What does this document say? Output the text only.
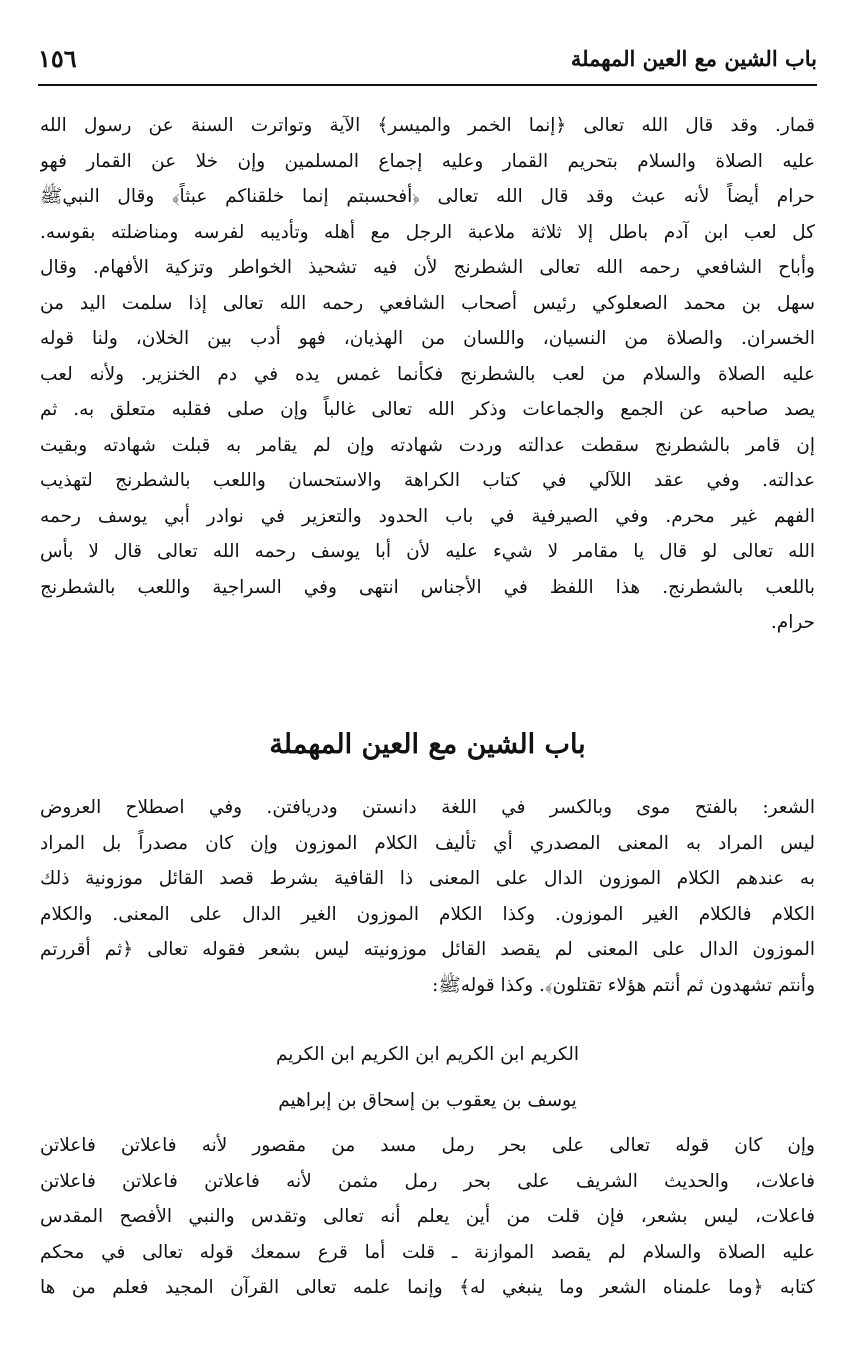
باب الشين مع العين المهملة
١٥٦
قمار. وقد قال الله تعالى ﴿إنما الخمر والميسر﴾ الآية وتواترت السنة عن رسول الله
عليه الصلاة والسلام بتحريم القمار وعليه إجماع المسلمين وإن خلا عن القمار فهو
حرام أيضاً لأنه عبث وقد قال الله تعالى ﴿أفحسبتم إنما خلقناكم عبثاً﴾ وقال النبيﷺ
كل لعب ابن آدم باطل إلا ثلاثة ملاعبة الرجل مع أهله وتأديبه لفرسه ومناضلته بقوسه.
وأباح الشافعي رحمه الله تعالى الشطرنج لأن فيه تشحيذ الخواطر وتزكية الأفهام. وقال
سهل بن محمد الصعلوكي رئيس أصحاب الشافعي رحمه الله تعالى إذا سلمت اليد من
الخسران. والصلاة من النسيان، واللسان من الهذيان، فهو أدب بين الخلان، ولنا قوله
عليه الصلاة والسلام من لعب بالشطرنج فكأنما غمس يده في دم الخنزير. ولأنه لعب
يصد صاحبه عن الجمع والجماعات وذكر الله تعالى غالباً وإن صلى فقلبه متعلق به. ثم
إن قامر بالشطرنج سقطت عدالته وردت شهادته وإن لم يقامر به قبلت شهادته وبقيت
عدالته. وفي عقد اللآلي في كتاب الكراهة والاستحسان واللعب بالشطرنج لتهذيب
الفهم غير محرم. وفي الصيرفية في باب الحدود والتعزير في نوادر أبي يوسف رحمه
الله تعالى لو قال يا مقامر لا شيء عليه لأن أبا يوسف رحمه الله تعالى قال لا بأس
باللعب بالشطرنج. هذا اللفظ في الأجناس انتهى وفي السراجية واللعب بالشطرنج
حرام.
باب الشين مع العين المهملة
الشعر: بالفتح موى وبالكسر في اللغة دانستن ودريافتن. وفي اصطلاح العروض
ليس المراد به المعنى المصدري أي تأليف الكلام الموزون وإن كان مصدراً بل المراد
به عندهم الكلام الموزون الدال على المعنى ذا القافية بشرط قصد القائل موزونية ذلك
الكلام فالكلام الغير الموزون. وكذا الكلام الموزون الغير الدال على المعنى. والكلام
الموزون الدال على المعنى لم يقصد القائل موزونيته ليس بشعر فقوله تعالى ﴿ثم أقررتم
وأنتم تشهدون ثم أنتم هؤلاء تقتلون﴾. وكذا قولهﷺ:
الكريم ابن الكريم ابن الكريم ابن الكريم
يوسف بن يعقوب بن إسحاق بن إبراهيم
وإن كان قوله تعالى على بحر رمل مسد من مقصور لأنه فاعلاتن فاعلاتن
فاعلات، والحديث الشريف على بحر رمل مثمن لأنه فاعلاتن فاعلاتن فاعلاتن
فاعلات، ليس بشعر، فإن قلت من أين يعلم أنه تعالى وتقدس والنبي الأفصح المقدس
عليه الصلاة والسلام لم يقصد الموازنة ـ قلت أما قرع سمعك قوله تعالى في محكم
كتابه ﴿وما علمناه الشعر وما ينبغي له﴾ وإنما علمه تعالى القرآن المجيد فعلم من ها
